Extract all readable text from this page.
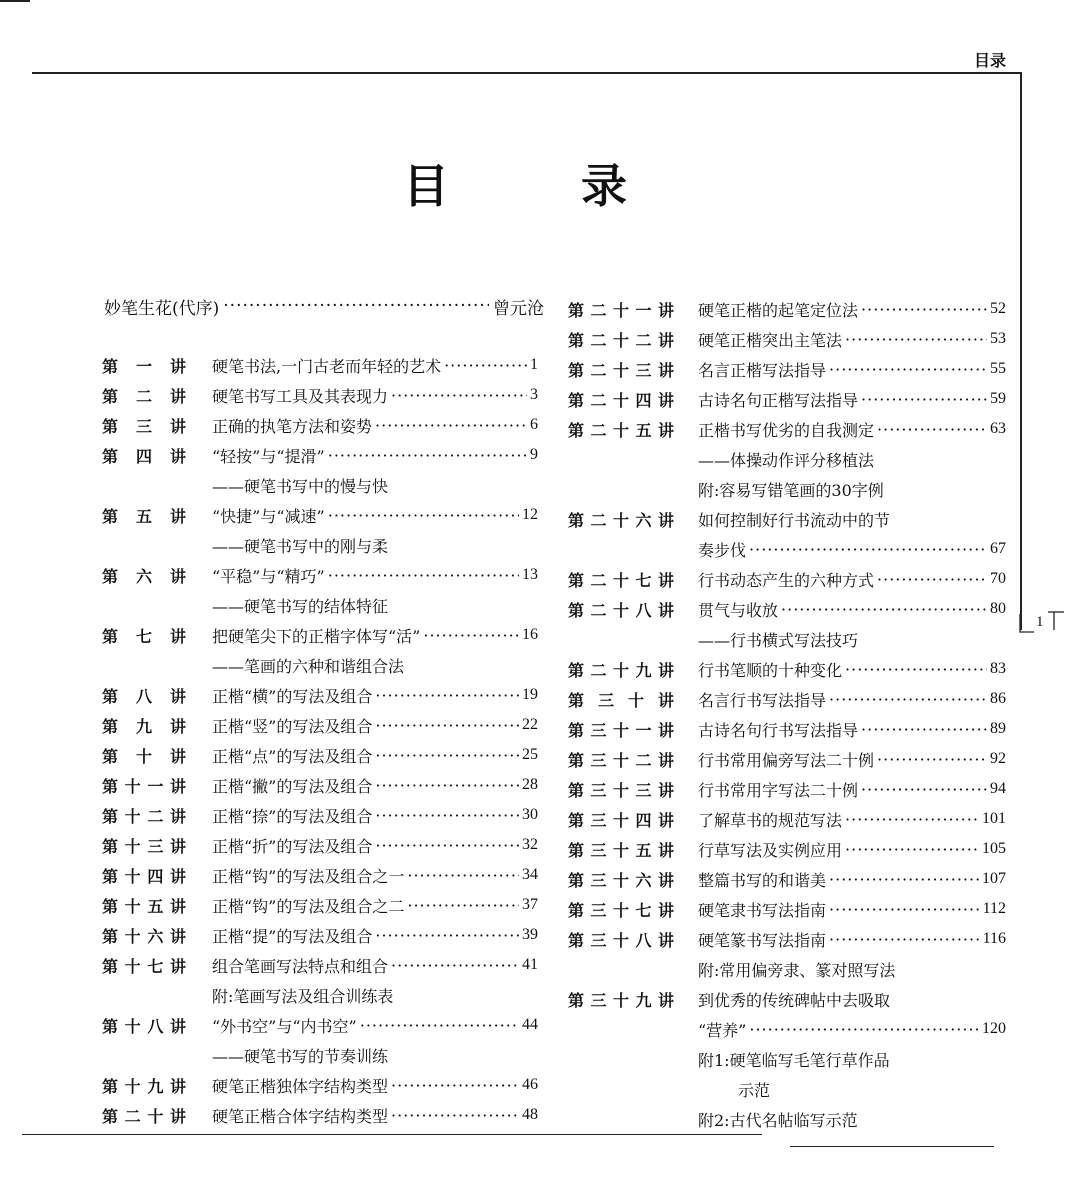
目录
目 录
妙笔生花(代序) ·····	曾元沧
第 一 讲 硬笔书法,一门古老而年轻的艺术 ·····	1
第 二 讲 硬笔书写工具及其表现力 ·····	3
第 三 讲 正确的执笔方法和姿势 ·····	6
第 四 讲 “轻按”与“提滑” ·····	9
——硬笔书写中的慢与快
第 五 讲 “快捷”与“减速” ·····	12
——硬笔书写中的刚与柔
第 六 讲 “平稳”与“精巧” ·····	13
——硬笔书写的结体特征
第 七 讲 把硬笔尖下的正楷字体写“活” ·····	16
——笔画的六种和谐组合法
第 八 讲 正楷“横”的写法及组合 ·····	19
第 九 讲 正楷“竖”的写法及组合 ·····	22
第 十 讲 正楷“点”的写法及组合 ·····	25
第十一讲 正楷“撇”的写法及组合 ·····	28
第十二讲 正楷“捺”的写法及组合 ·····	30
第十三讲 正楷“折”的写法及组合 ·····	32
第十四讲 正楷“钩”的写法及组合之一 ·····	34
第十五讲 正楷“钩”的写法及组合之二 ·····	37
第十六讲 正楷“提”的写法及组合 ·····	39
第十七讲 组合笔画写法特点和组合 ·····	41
附:笔画写法及组合训练表
第十八讲 “外书空”与“内书空” ·····	44
——硬笔书写的节奏训练
第十九讲 硬笔正楷独体字结构类型 ·····	46
第二十讲 硬笔正楷合体字结构类型 ·····	48
第二十一讲 硬笔正楷的起笔定位法 ·····	52
第二十二讲 硬笔正楷突出主笔法 ·····	53
第二十三讲 名言正楷写法指导 ·····	55
第二十四讲 古诗名句正楷写法指导 ·····	59
第二十五讲 正楷书写优劣的自我测定 ·····	63
——体操动作评分移植法
附:容易写错笔画的30字例
第二十六讲 如何控制好行书流动中的节
奏步伐 ·····	67
第二十七讲 行书动态产生的六种方式 ·····	70
第二十八讲 贯气与收放 ·····	80
——行书横式写法技巧
第二十九讲 行书笔顺的十种变化 ·····	83
第 三 十 讲 名言行书写法指导 ·····	86
第三十一讲 古诗名句行书写法指导 ·····	89
第三十二讲 行书常用偏旁写法二十例 ·····	92
第三十三讲 行书常用字写法二十例 ·····	94
第三十四讲 了解草书的规范写法 ·····	101
第三十五讲 行草写法及实例应用 ·····	105
第三十六讲 整篇书写的和谐美 ·····	107
第三十七讲 硬笔隶书写法指南 ·····	112
第三十八讲 硬笔篆书写法指南 ·····	116
附:常用偏旁隶、篆对照写法
第三十九讲 到优秀的传统碑帖中去吸取
“营养” ·····	120
附1:硬笔临写毛笔行草作品
示范
附2:古代名帖临写示范
1
